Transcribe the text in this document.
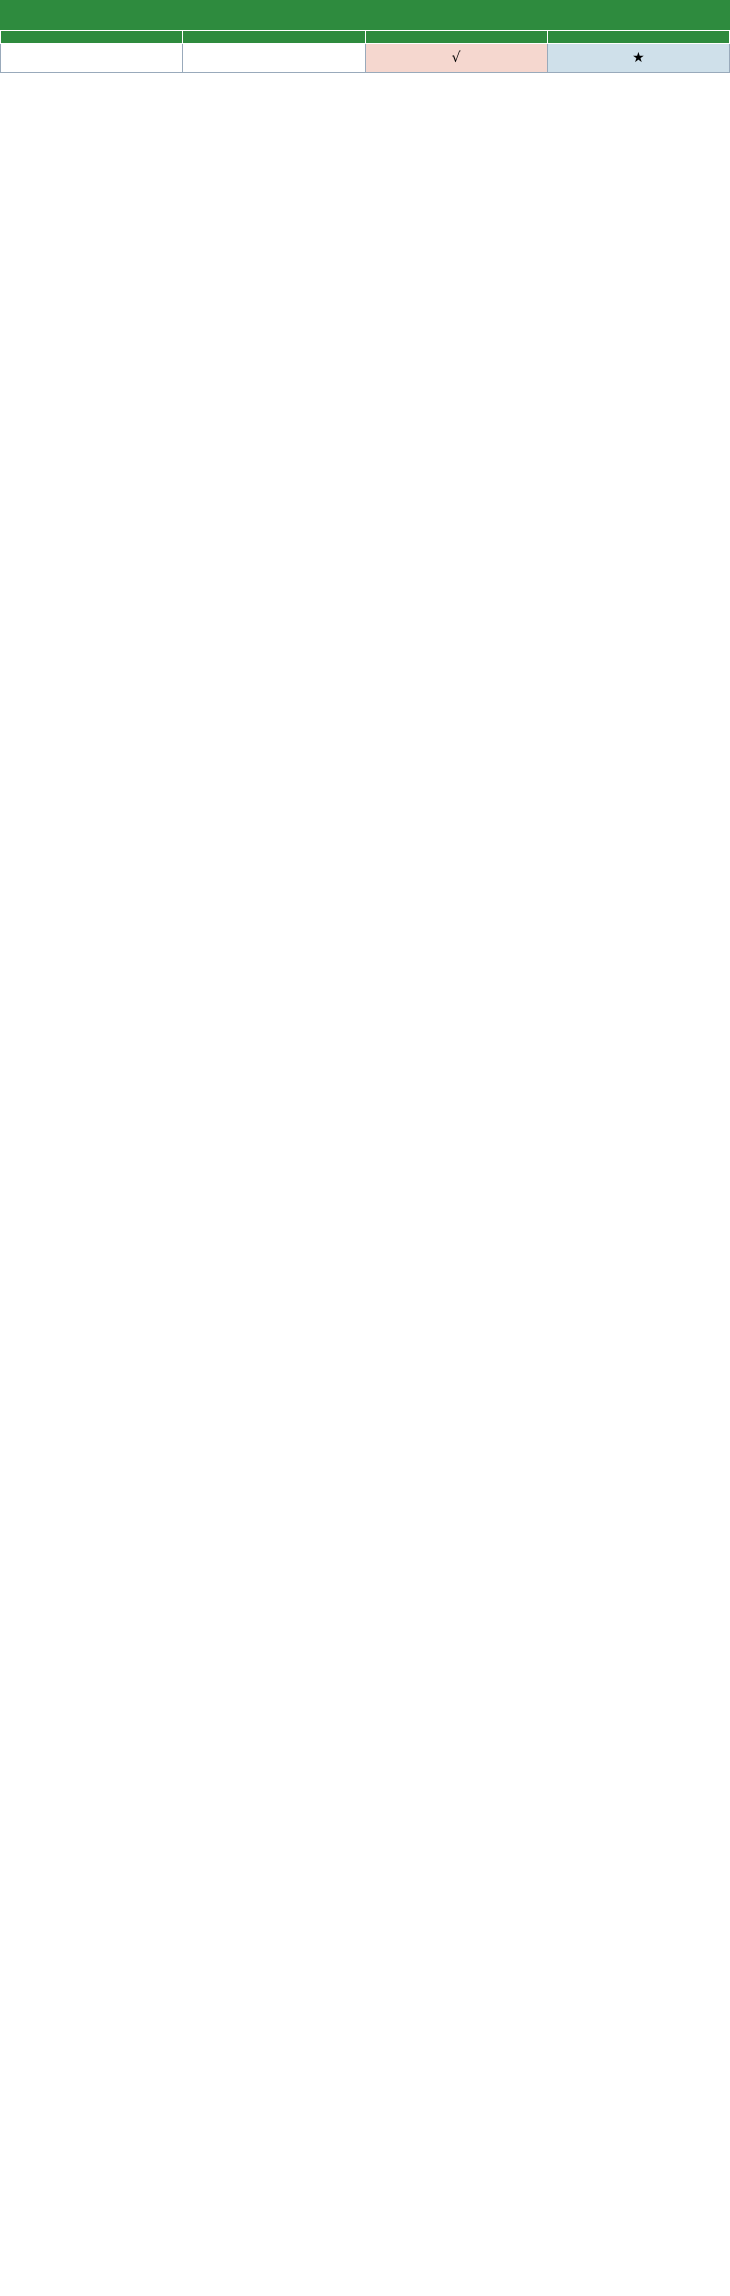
		√	★
